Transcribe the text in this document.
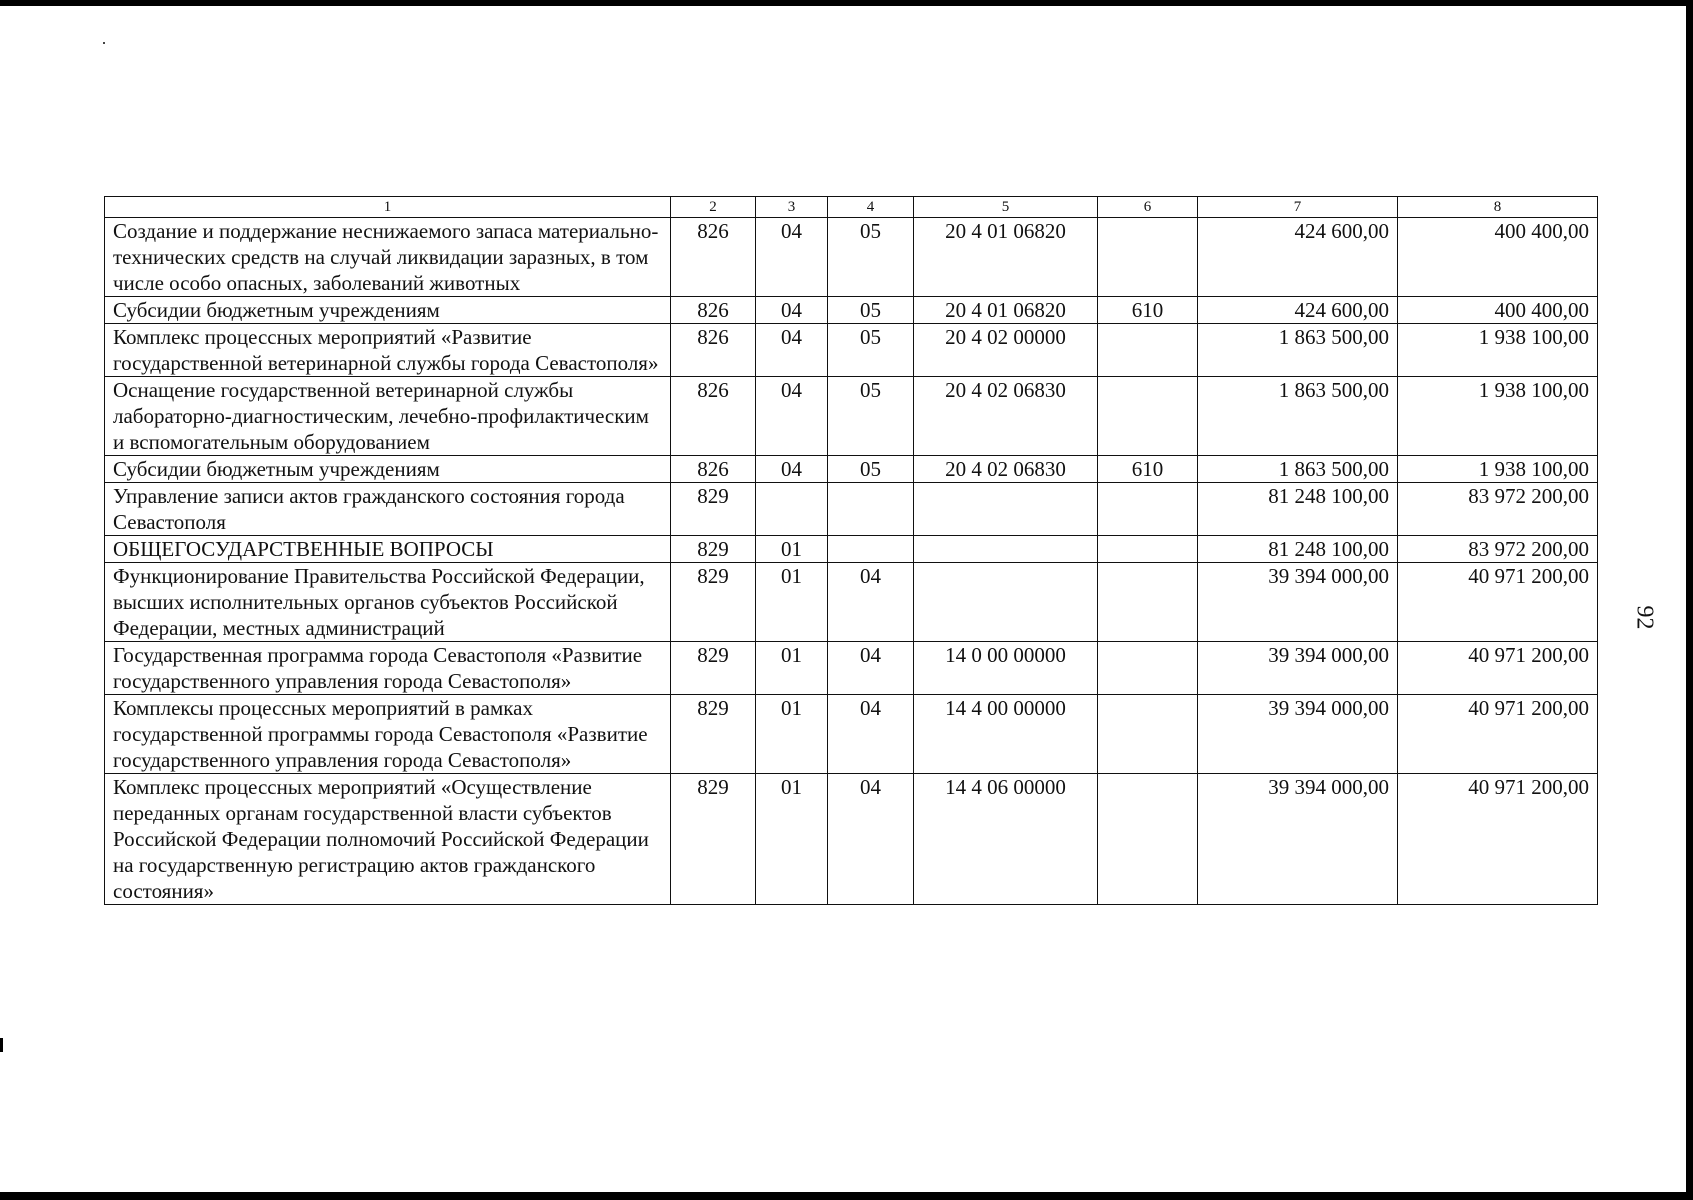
92
1	2	3	4	5	6	7	8
Создание и поддержание неснижаемого запаса материально-технических средств на случай ликвидации заразных, в том числе особо опасных, заболеваний животных	826	04	05	20 4 01 06820		424 600,00	400 400,00
Субсидии бюджетным учреждениям	826	04	05	20 4 01 06820	610	424 600,00	400 400,00
Комплекс процессных мероприятий «Развитие государственной ветеринарной службы города Севастополя»	826	04	05	20 4 02 00000		1 863 500,00	1 938 100,00
Оснащение государственной ветеринарной службы лабораторно-диагностическим, лечебно-профилактическим и вспомогательным оборудованием	826	04	05	20 4 02 06830		1 863 500,00	1 938 100,00
Субсидии бюджетным учреждениям	826	04	05	20 4 02 06830	610	1 863 500,00	1 938 100,00
Управление записи актов гражданского состояния города Севастополя	829					81 248 100,00	83 972 200,00
ОБЩЕГОСУДАРСТВЕННЫЕ ВОПРОСЫ	829	01				81 248 100,00	83 972 200,00
Функционирование Правительства Российской Федерации, высших исполнительных органов субъектов Российской Федерации, местных администраций	829	01	04			39 394 000,00	40 971 200,00
Государственная программа города Севастополя «Развитие государственного управления города Севастополя»	829	01	04	14 0 00 00000		39 394 000,00	40 971 200,00
Комплексы процессных мероприятий в рамках государственной программы города Севастополя «Развитие государственного управления города Севастополя»	829	01	04	14 4 00 00000		39 394 000,00	40 971 200,00
Комплекс процессных мероприятий «Осуществление переданных органам государственной власти субъектов Российской Федерации полномочий Российской Федерации на государственную регистрацию актов гражданского состояния»	829	01	04	14 4 06 00000		39 394 000,00	40 971 200,00
